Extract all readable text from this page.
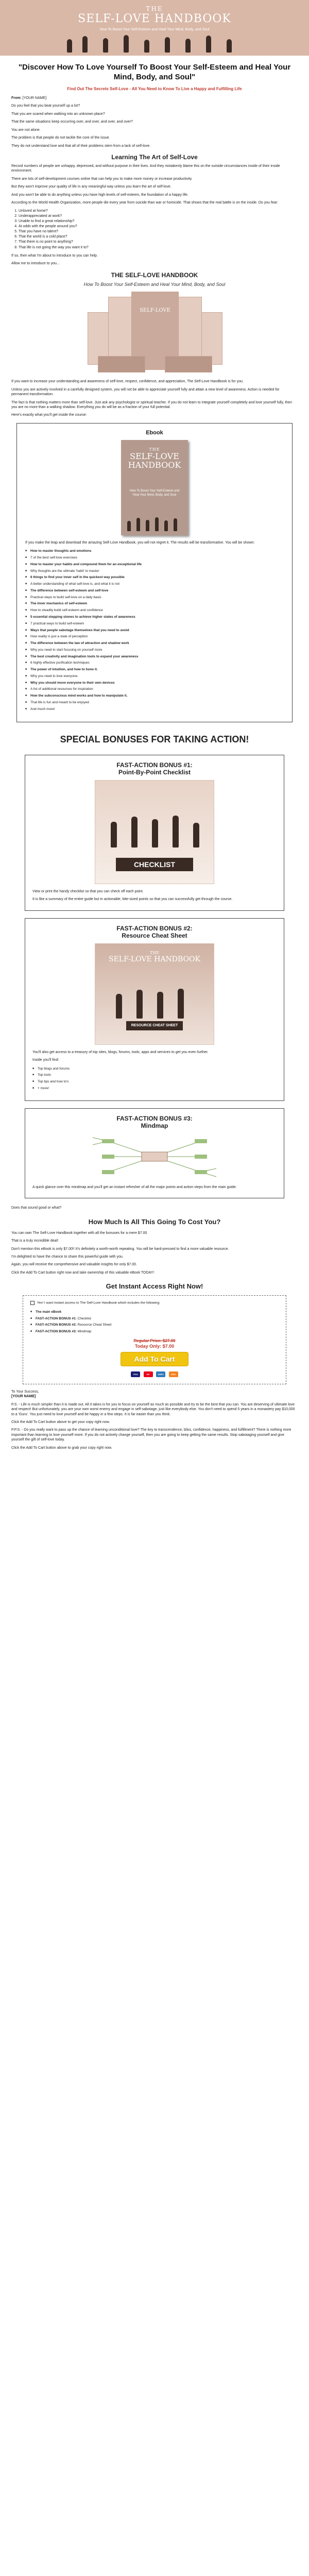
THE
SELF-LOVE HANDBOOK
How To Boost Your Self-Esteem and Heal Your Mind, Body, and Soul
"Discover How To Love Yourself To Boost Your Self-Esteem and Heal Your Mind, Body, and Soul"
Find Out The Secrets Self-Love - All You Need to Know To Live a Happy and Fulfilling Life

From: [YOUR NAME]

Do you feel that you beat yourself up a lot?

That you are scared when walking into an unknown place?

That the same situations keep occurring over, and over, and over, and over?

You are not alone.

The problem is that people do not tackle the core of the issue.

They do not understand love and that all of their problems stem from a lack of self-love.

Learning The Art of Self-Love

Record numbers of people are unhappy, depressed, and without purpose in their lives. And they mistakenly blame this on the outside circumstances inside of their inside environment.

There are lots of self-development courses online that can help you to make more money or increase productivity.

But they won't improve your quality of life in any meaningful way unless you learn the art of self-love.

And you won't be able to do anything unless you have high levels of self-esteem, the foundation of a happy life.

According to the World Health Organization, more people die every year from suicide than war or homicide. That shows that the real battle is on the inside. Do you fear:

1. Unloved at home?
2. Underappreciated at work?
3. Unable to find a great relationship?
4. At odds with the people around you?
5. That you have no talent?
6. That the world is a cold place?
7. That there is no point to anything?
8. That life is not going the way you want it to?

If so, then what I'm about to introduce to you can help.

Allow me to introduce to you...

THE SELF-LOVE HANDBOOK
How To Boost Your Self-Esteem and Heal Your Mind, Body, and Soul
SELF-LOVE

If you want to increase your understanding and awareness of self-love, respect, confidence, and appreciation, The Self-Love Handbook is for you.

Unless you are actively involved in a carefully designed system, you will not be able to appreciate yourself fully and attain a new level of awareness. Action is needed for permanent transformation.

The fact is that nothing matters more than self-love. Just ask any psychologist or spiritual teacher. If you do not learn to integrate yourself completely and love yourself fully, then you are no more than a walking shadow. Everything you do will be as a fraction of your full potential.

Here's exactly what you'll get inside the course:

Ebook
THE
SELF-LOVE HANDBOOK
How To Boost Your Self-Esteem and Heal Your Mind, Body, and Soul

If you make the leap and download the amazing Self-Love Handbook, you will not regret it. The results will be transformative. You will be shown:

■ How to master thoughts and emotions
■ 7 of the best self-love exercises
■ How to master your habits and compound them for an exceptional life
■ Why thoughts are the ultimate 'habit' to master
■ 6 things to find your inner self in the quickest way possible
■ A better understanding of what self-love is, and what it is not
■ The difference between self-esteem and self-love
■ Practical steps to build self-love on a daily basis
■ The inner mechanics of self-esteem
■ How to steadily build self-esteem and confidence
■ 5 essential stepping stones to achieve higher states of awareness
■ 7 practical ways to build self-esteem
■ Ways that people sabotage themselves that you need to avoid
■ How reality is just a state of perception
■ The difference between the law of attraction and shadow work
■ Why you need to start focusing on yourself more
■ The best creativity and imagination tools to expand your awareness
■ 6 highly effective purification techniques
■ The power of intuition, and how to hone it.
■ Why you need to love everyone.
■ Why you should move everyone to their own devices
■ A list of additional resources for inspiration
■ How the subconscious mind works and how to manipulate it.
■ That life is fun and meant to be enjoyed
■ And much more!
SPECIAL BONUSES FOR TAKING ACTION!
FAST-ACTION BONUS #1:
Point-By-Point Checklist
CHECKLIST

View or print the handy checklist so that you can check off each point.

It is like a summary of the entire guide but in actionable, bite-sized points so that you can successfully get through the course.

FAST-ACTION BONUS #2:
Resource Cheat Sheet
THE
SELF-LOVE HANDBOOK
RESOURCE CHEAT SHEET

You'll also get access to a treasury of top sites, blogs, forums, tools, apps and services to get you even further.

Inside you'll find:

■ Top blogs and forums
■ Top tools
■ Top tips and how to's
■ + more!
FAST-ACTION BONUS #3:
Mindmap

A quick glance over this mindmap and you'll get an instant refresher of all the major points and action steps from the main guide.

Does that sound good or what?

How Much Is All This Going To Cost You?

You can own The Self-Love Handbook together with all the bonuses for a mere $7.00

That is a truly incredible deal!

Don't mention this eBook is only $7.00!! It's definitely a worth-worth repeating. You will be hard-pressed to find a more valuable resource.

I'm delighted to have the chance to share this powerful guide with you.

Again, you will receive the comprehensive and valuable insights for only $7.00.

Click the Add To Cart button right now and take ownership of this valuable eBook TODAY!

Get Instant Access Right Now!

Yes! I want instant access to The Self-Love Handbook which includes the following:

■ The main eBook
■ FAST-ACTION BONUS #1: Checklist
■ FAST-ACTION BONUS #2: Resource Cheat Sheet
■ FAST-ACTION BONUS #3: Mindmap
Regular Price: $27.00
Today Only: $7.00
Add To Cart
VISA	MC	AMEX	DISC
To Your Success,
[YOUR NAME]

P.S. - Life is much simpler than it is made out. All it takes is for you to focus on yourself as much as possible and try to be the best that you can. You are deserving of ultimate love and respect! But unfortunately, you are your own worst enemy and engage in self-sabotage, just like everybody else. You don't need to spend 5 years in a monastery pay $10,000 to a 'Guru'. You just need to love yourself and be happy in a few steps. It is far easier than you think.

Click the Add To Cart button above to get your copy right now.

P.P.S. - Do you really want to pass up the chance of learning unconditional love? The key to transcendence, bliss, confidence, happiness, and fulfillment? There is nothing more important than learning to love yourself more. If you do not actively change yourself, then you are going to keep getting the same results. Stop sabotaging yourself and give yourself the gift of self-love today.

Click the Add To Cart button above to grab your copy right now.
